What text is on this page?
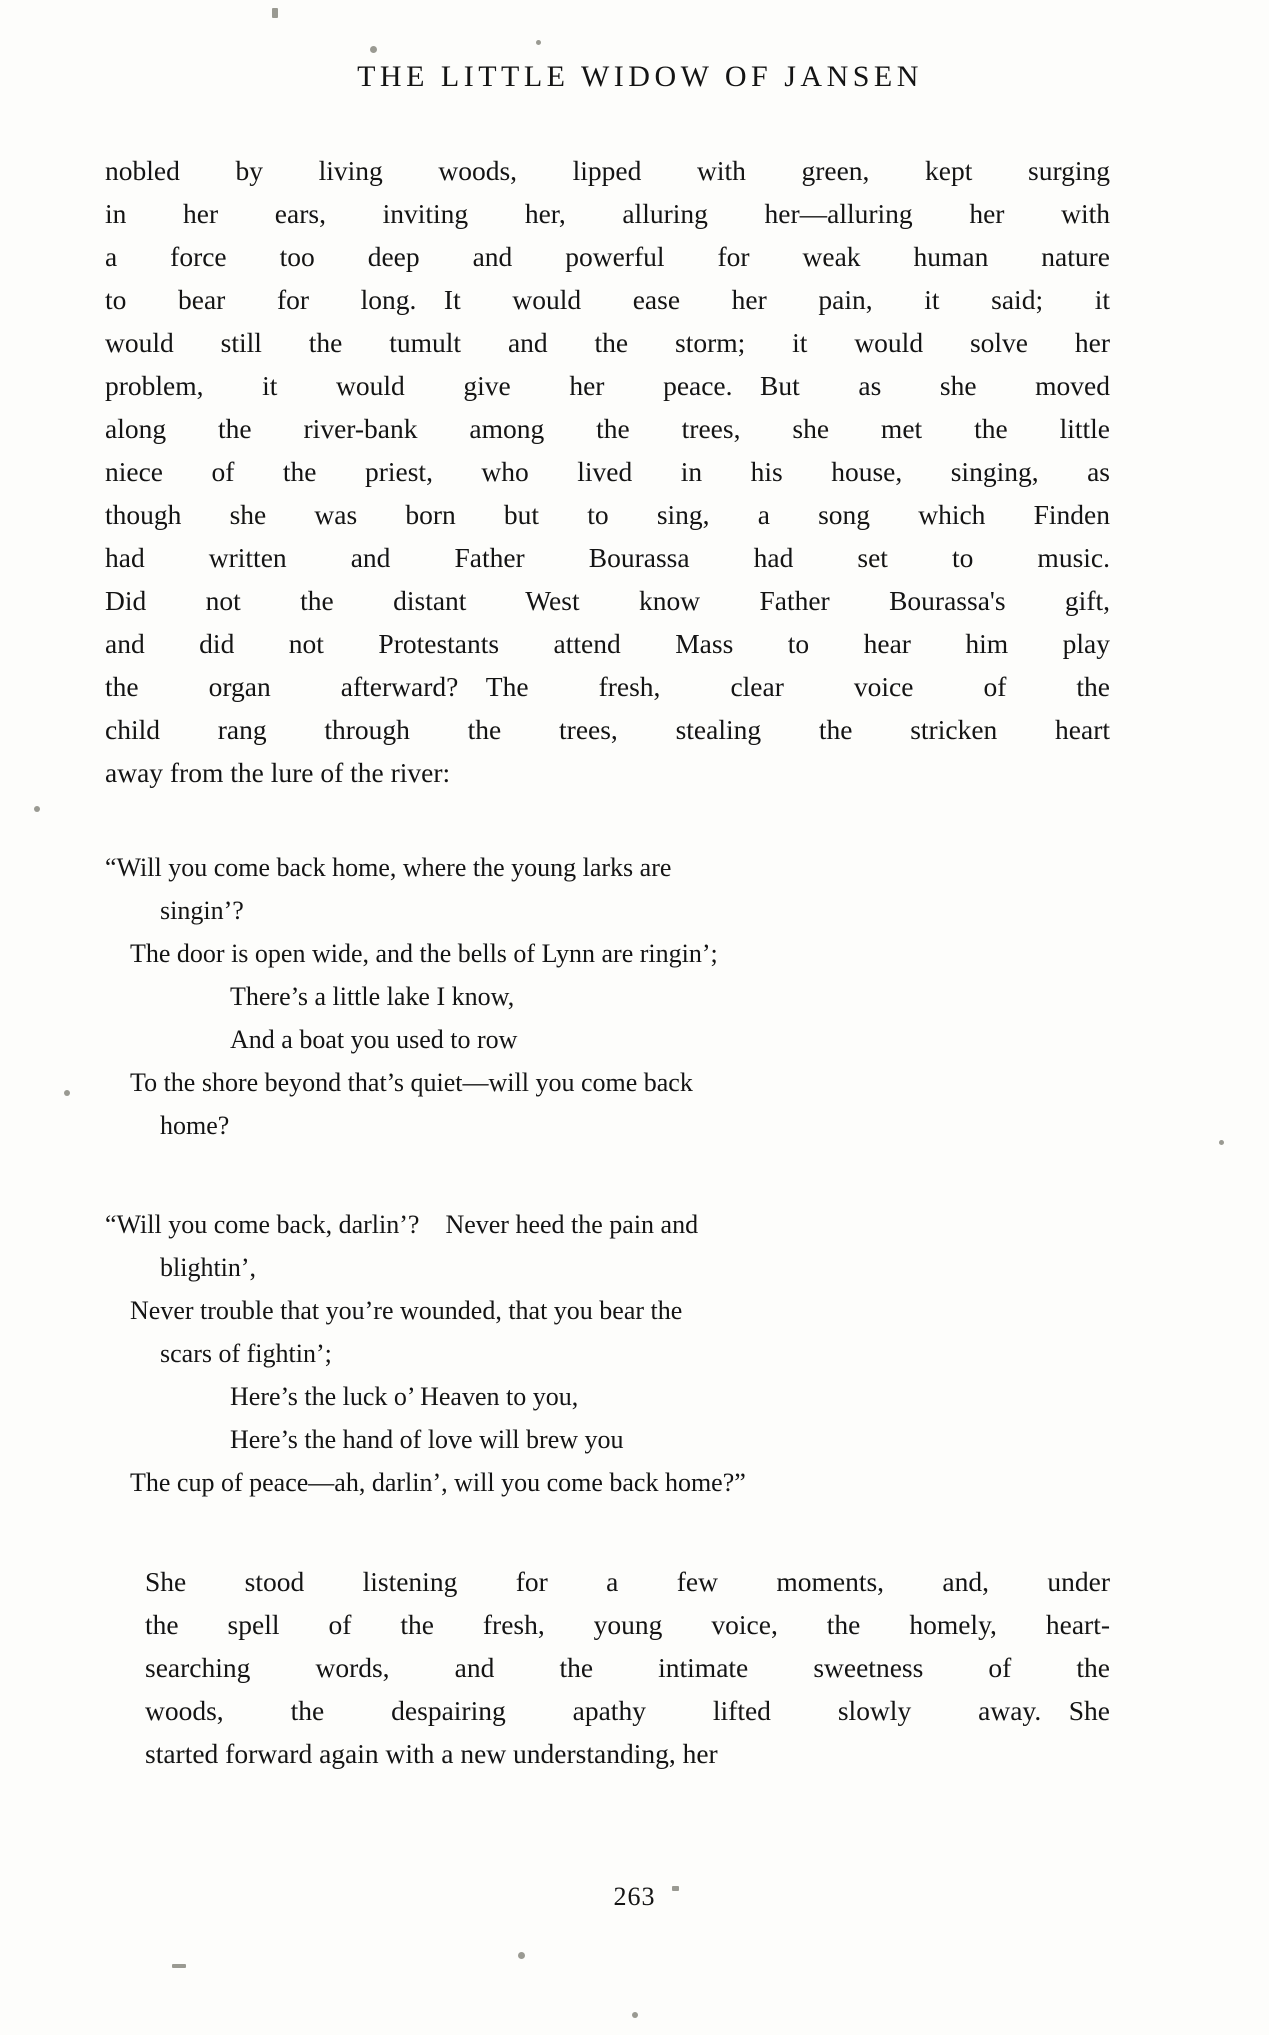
THE LITTLE WIDOW OF JANSEN
nobled by living woods, lipped with green, kept surging
in her ears, inviting her, alluring her—alluring her with
a force too deep and powerful for weak human nature
to bear for long. It would ease her pain, it said; it
would still the tumult and the storm; it would solve her
problem, it would give her peace. But as she moved
along the river-bank among the trees, she met the little
niece of the priest, who lived in his house, singing, as
though she was born but to sing, a song which Finden
had written and Father Bourassa had set to music.
Did not the distant West know Father Bourassa's gift,
and did not Protestants attend Mass to hear him play
the organ afterward? The fresh, clear voice of the
child rang through the trees, stealing the stricken heart
away from the lure of the river:
“Will you come back home, where the young larks are
singin’?
The door is open wide, and the bells of Lynn are ringin’;
There’s a little lake I know,
And a boat you used to row
To the shore beyond that’s quiet—will you come back
home?
“Will you come back, darlin’? Never heed the pain and
blightin’,
Never trouble that you’re wounded, that you bear the
scars of fightin’;
Here’s the luck o’ Heaven to you,
Here’s the hand of love will brew you
The cup of peace—ah, darlin’, will you come back home?”
She stood listening for a few moments, and, under
the spell of the fresh, young voice, the homely, heart-
searching words, and the intimate sweetness of the
woods, the despairing apathy lifted slowly away. She
started forward again with a new understanding, her
263
